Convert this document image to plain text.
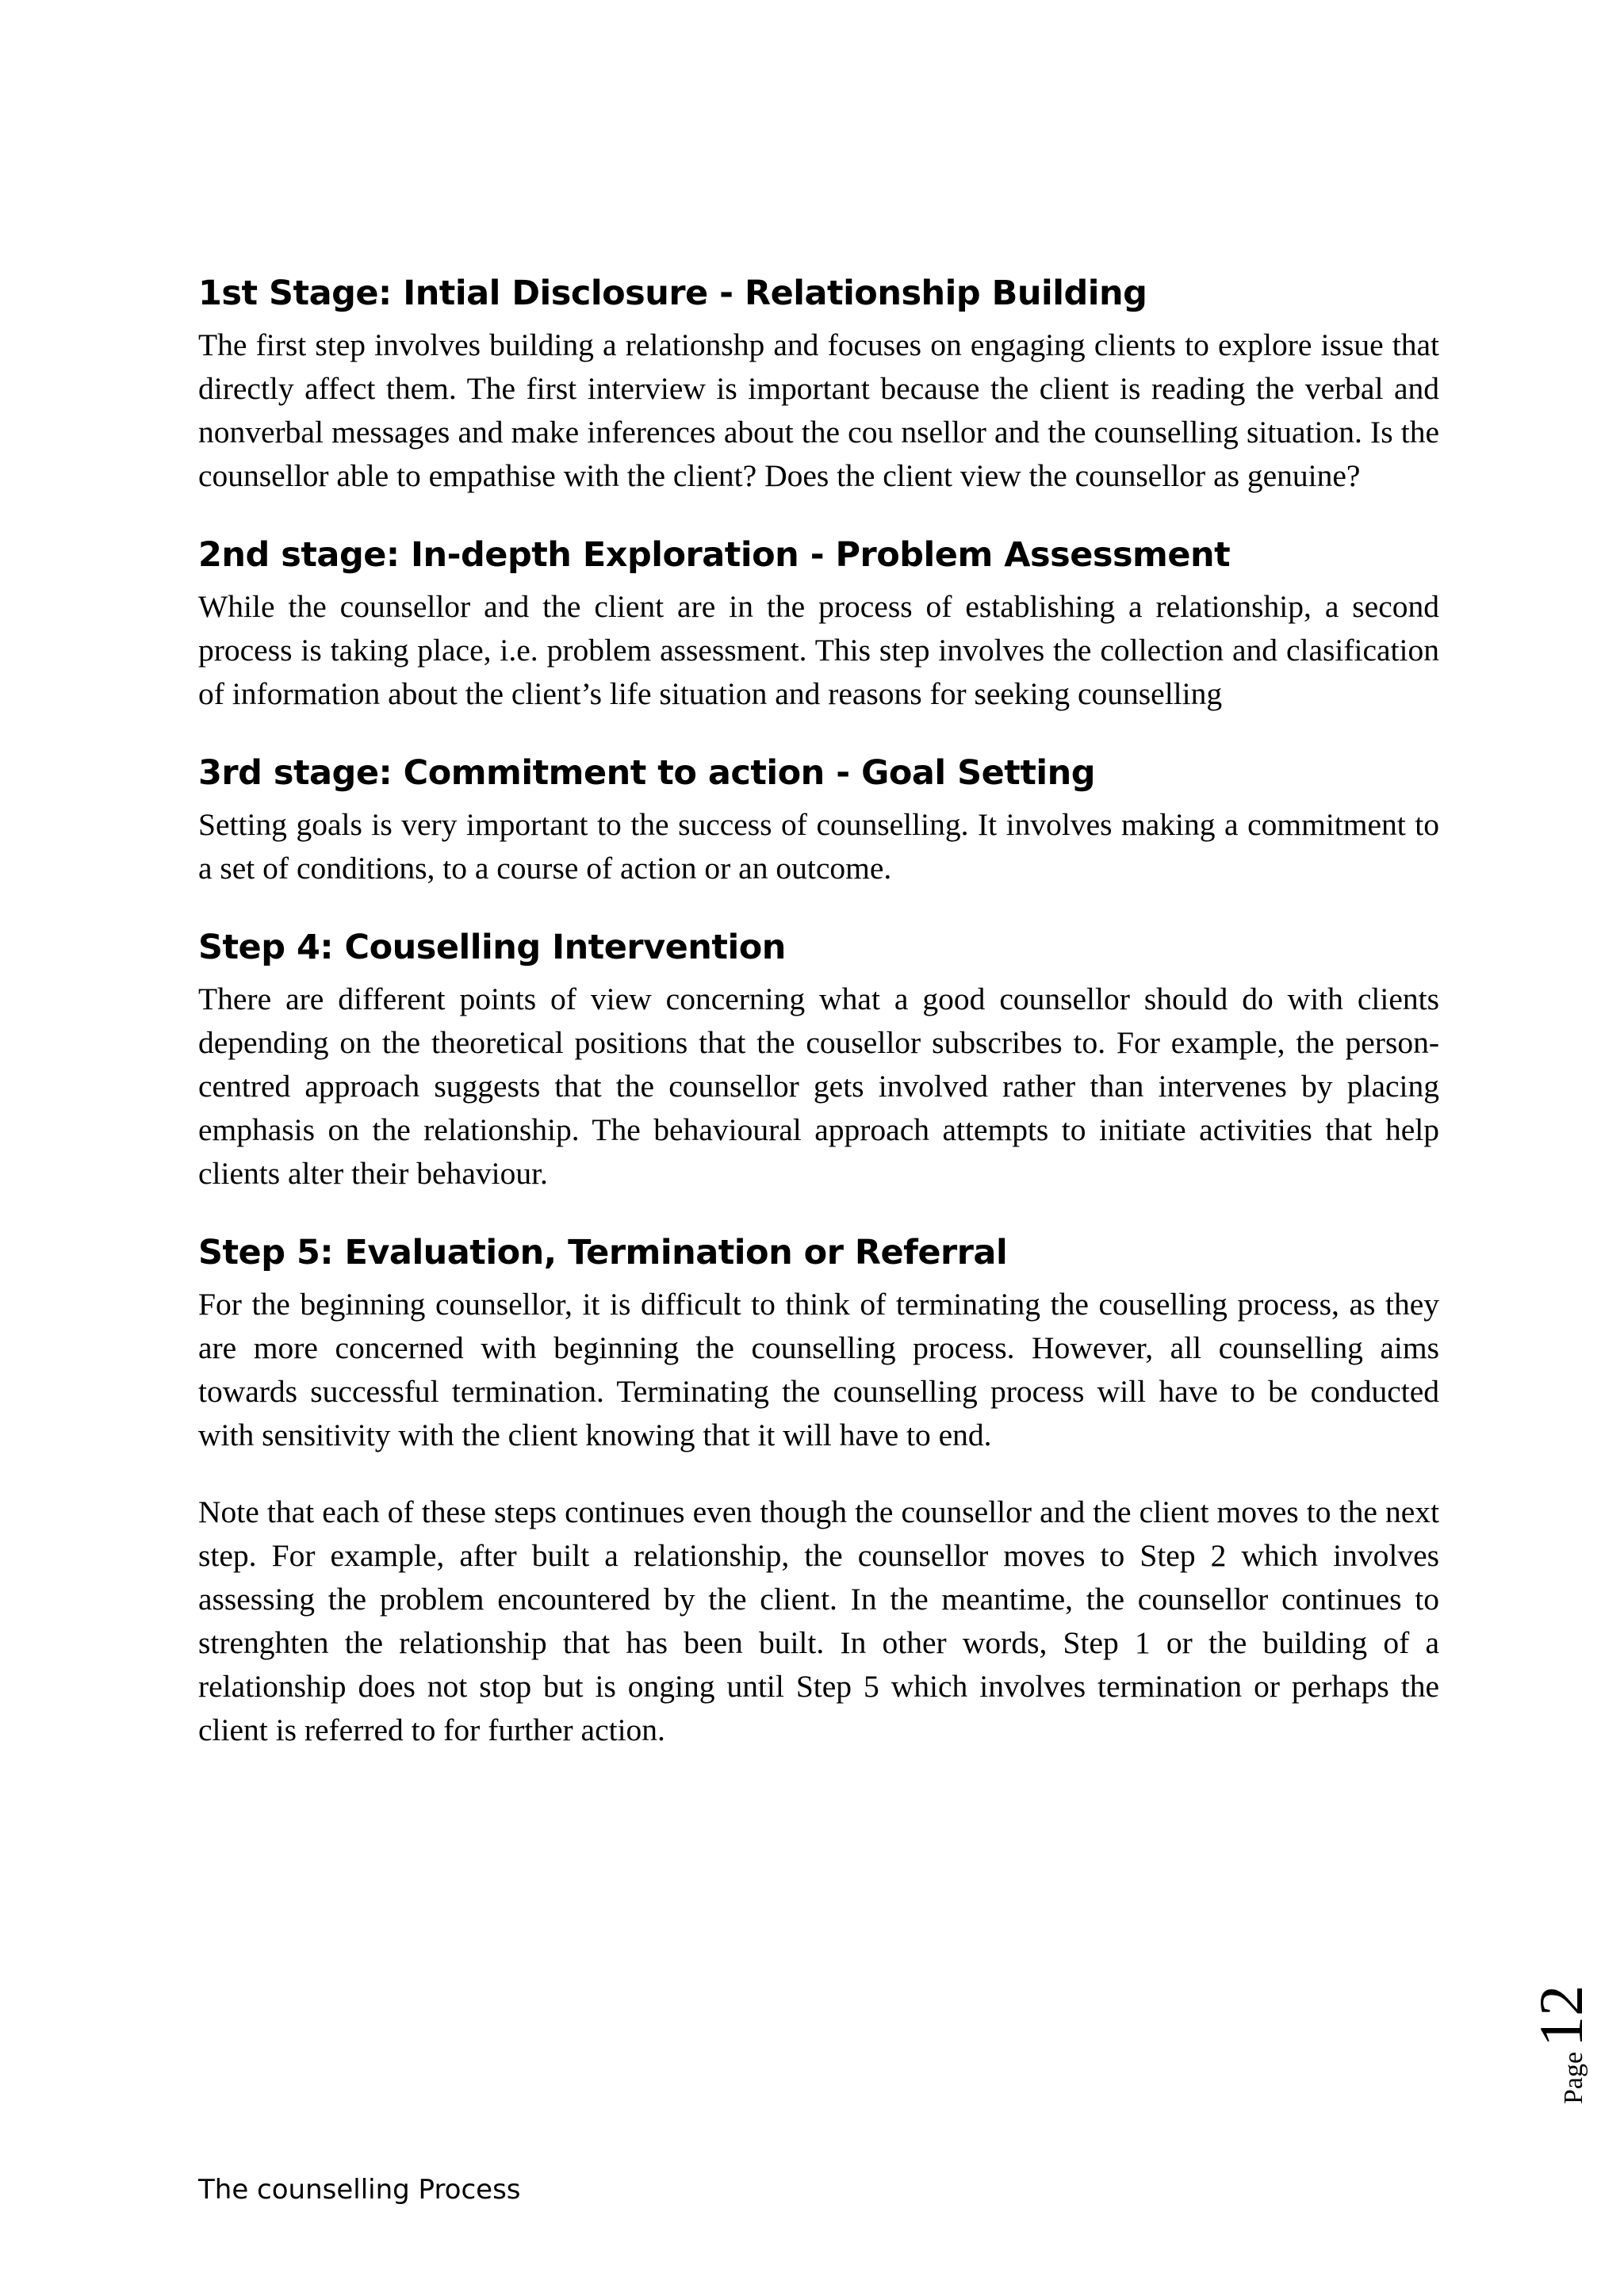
1st Stage: Intial Disclosure - Relationship Building

The first step involves building a relationshp and focuses on engaging clients to explore issue that directly affect them. The first interview is important because the client is reading the verbal and nonverbal messages and make inferences about the cou nsellor and the counselling situation. Is the counsellor able to empathise with the client? Does the client view the counsellor as genuine?

2nd stage: In-depth Exploration - Problem Assessment

While the counsellor and the client are in the process of establishing a relationship, a second process is taking place, i.e. problem assessment. This step involves the collection and clasification of information about the client’s life situation and reasons for seeking counselling

3rd stage: Commitment to action - Goal Setting

Setting goals is very important to the success of counselling. It involves making a commitment to a set of conditions, to a course of action or an outcome.

Step 4: Couselling Intervention

There are different points of view concerning what a good counsellor should do with clients depending on the theoretical positions that the cousellor subscribes to. For example, the person-centred approach suggests that the counsellor gets involved rather than intervenes by placing emphasis on the relationship. The behavioural approach attempts to initiate activities that help clients alter their behaviour.

Step 5: Evaluation, Termination or Referral

For the beginning counsellor, it is difficult to think of terminating the couselling process, as they are more concerned with beginning the counselling process. However, all counselling aims towards successful termination. Terminating the counselling process will have to be conducted with sensitivity with the client knowing that it will have to end.

Note that each of these steps continues even though the counsellor and the client moves to the next step. For example, after built a relationship, the counsellor moves to Step 2 which involves assessing the problem encountered by the client. In the meantime, the counsellor continues to strenghten the relationship that has been built. In other words, Step 1 or the building of a relationship does not stop but is onging until Step 5 which involves termination or perhaps the client is referred to for further action.

Page12
The counselling Process
